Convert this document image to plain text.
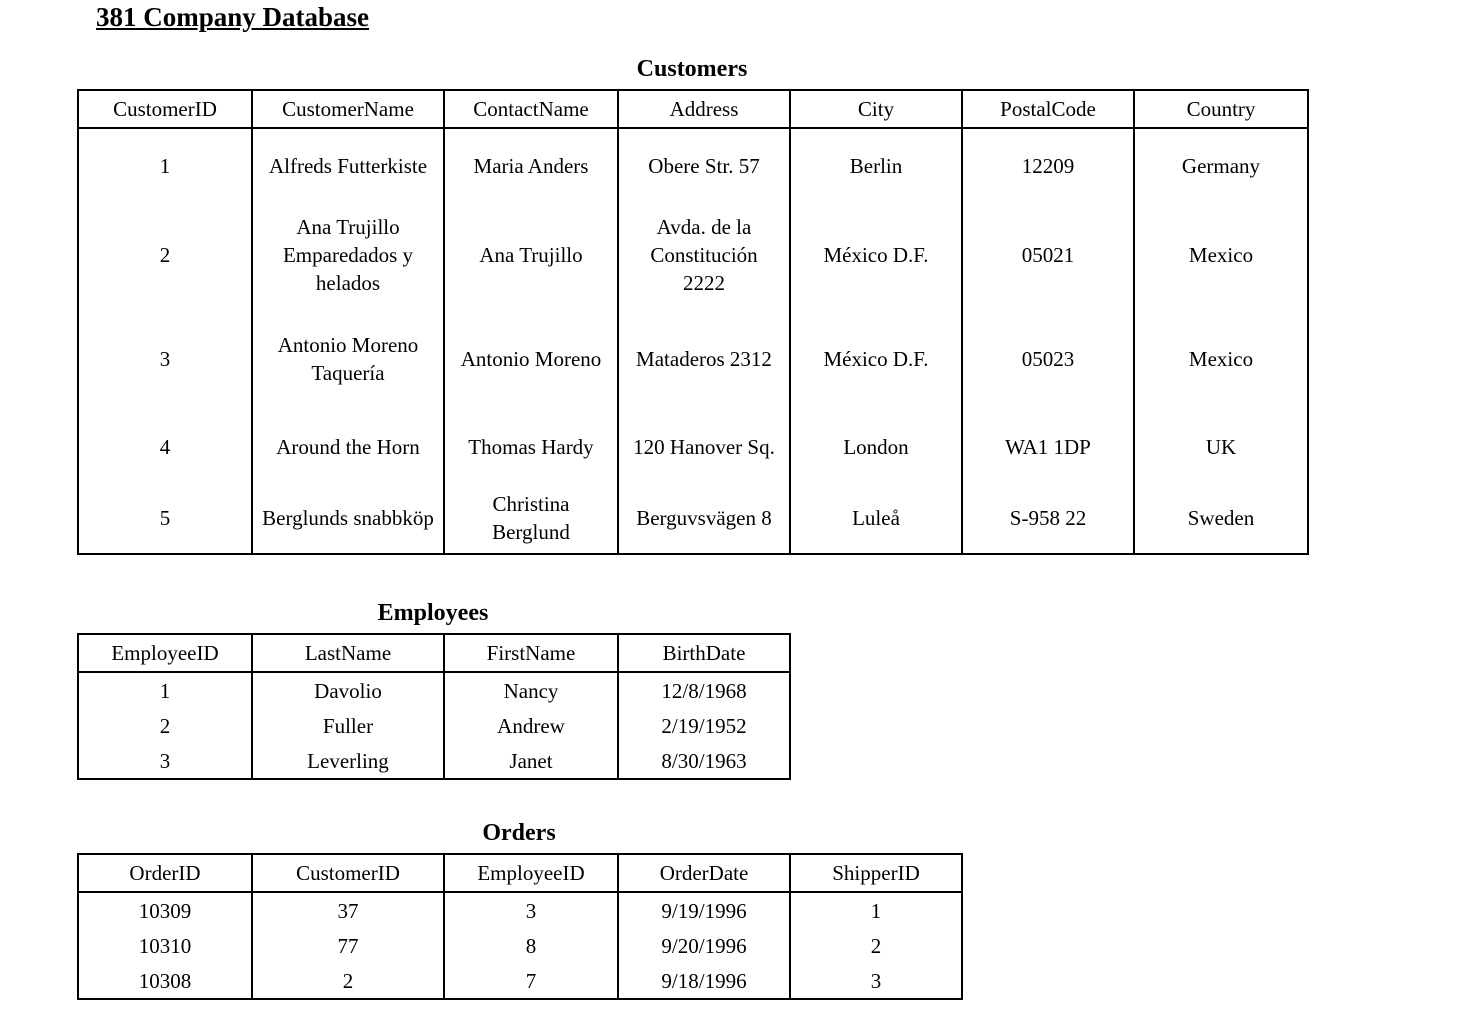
381 Company Database
Customers
CustomerID	CustomerName	ContactName	Address	City	PostalCode	Country
1	Alfreds Futterkiste	Maria Anders	Obere Str. 57	Berlin	12209	Germany
2	Ana Trujillo Emparedados y helados	Ana Trujillo	Avda. de la Constitución 2222	México D.F.	05021	Mexico
3	Antonio Moreno Taquería	Antonio Moreno	Mataderos 2312	México D.F.	05023	Mexico
4	Around the Horn	Thomas Hardy	120 Hanover Sq.	London	WA1 1DP	UK
5	Berglunds snabbköp	Christina Berglund	Berguvsvägen 8	Luleå	S-958 22	Sweden
Employees
EmployeeID	LastName	FirstName	BirthDate
1	Davolio	Nancy	12/8/1968
2	Fuller	Andrew	2/19/1952
3	Leverling	Janet	8/30/1963
Orders
OrderID	CustomerID	EmployeeID	OrderDate	ShipperID
10309	37	3	9/19/1996	1
10310	77	8	9/20/1996	2
10308	2	7	9/18/1996	3
